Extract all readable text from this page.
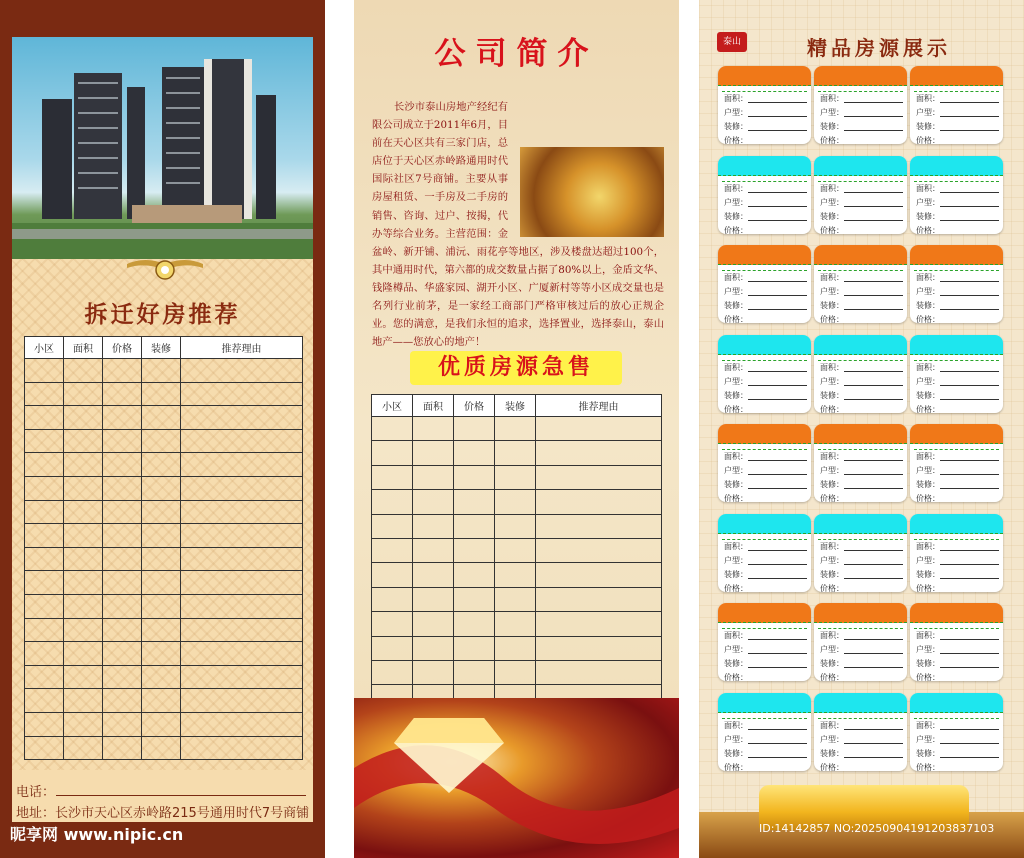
拆迁好房推荐
小区	面积	价格	装修	推荐理由

电话：
地址：长沙市天心区赤岭路215号通用时代7号商铺
昵享网 www.nipic.cn
公司简介
长沙市泰山房地产经纪有限公司成立于2011年6月，目前在天心区共有三家门店，总店位于天心区赤岭路通用时代国际社区7号商铺。主要从事房屋租赁、一手房及二手房的销售、咨询、过户、按揭，代办等综合业务。主营范围：金盆岭、新开铺、浦沅、雨花亭等地区，涉及楼盘达超过100个，其中通用时代，第六都的成交数量占据了80%以上，金盾文华、钱隆樽品、华盛家园、湖开小区、广厦新村等等小区成交量也是名列行业前茅，是一家经工商部门严格审核过后的放心正规企业。您的满意，是我们永恒的追求，选择置业，选择泰山，泰山地产——您放心的地产！
优质房源急售
小区	面积	价格	装修	推荐理由

泰山	精品房源展示
面积：
户型：
装修：
价格：
面积：
户型：
装修：
价格：
面积：
户型：
装修：
价格：
面积：
户型：
装修：
价格：
面积：
户型：
装修：
价格：
面积：
户型：
装修：
价格：
面积：
户型：
装修：
价格：
面积：
户型：
装修：
价格：
面积：
户型：
装修：
价格：
面积：
户型：
装修：
价格：
面积：
户型：
装修：
价格：
面积：
户型：
装修：
价格：
面积：
户型：
装修：
价格：
面积：
户型：
装修：
价格：
面积：
户型：
装修：
价格：
面积：
户型：
装修：
价格：
面积：
户型：
装修：
价格：
面积：
户型：
装修：
价格：
面积：
户型：
装修：
价格：
面积：
户型：
装修：
价格：
面积：
户型：
装修：
价格：
面积：
户型：
装修：
价格：
面积：
户型：
装修：
价格：
面积：
户型：
装修：
价格：
ID:14142857 NO:20250904191203837103
